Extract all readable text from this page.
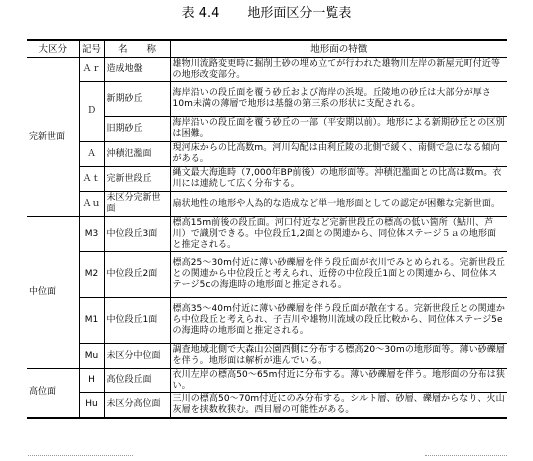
表 4.4 地形面区分一覧表
大区分	記号	名　　称	地形面の特徴
完新世面	Ａｒ	造成地盤	雄物川流路変更時に掘削土砂の埋め立てが行われた雄物川左岸の新屋元町付近等の地形改変部分。
	Ｄ	新期砂丘	海岸沿いの段丘面を覆う砂丘および海岸の浜堤。丘陵地の砂丘は大部分が厚さ10m未満の薄層で地形は基盤の第三系の形状に支配される。
		旧期砂丘	海岸沿いの段丘面を覆う砂丘の一部（平安期以前）。地形による新期砂丘との区別は困難。
	Ａ	沖積氾濫面	現河床からの比高数m。河川勾配は由利丘陵の北側で緩く、南側で急になる傾向がある。
	Ａｔ	完新世段丘	縄文最大海進時（7,000年BP前後）の地形面等。沖積氾濫面との比高は数m。衣川には連続して広く分布する。
	Ａｕ	未区分完新世面	扇状地性の地形や人為的な造成など単一地形面としての認定が困難な完新世面。
中位面	M3	中位段丘3面	標高15m前後の段丘面。河口付近など完新世段丘の標高の低い箇所（鮎川、芦川）で識別できる。中位段丘1,2面との関連から、同位体ステージ５ａの地形面と推定される。
	M2	中位段丘2面	標高25～30m付近に薄い砂礫層を伴う段丘面が衣川でみとめられる。完新世段丘との関連から中位段丘と考えられ、近傍の中位段丘1面との関連から、同位体ステージ5cの海進時の地形面と推定される。
	M1	中位段丘1面	標高35～40m付近に薄い砂礫層を伴う段丘面が散在する。完新世段丘との関連から中位段丘と考えられ、子吉川や雄物川流域の段丘比較から、同位体ステージ5eの海進時の地形面と推定される。
	Mu	未区分中位面	調査地域北側で大森山公園西側に分布する標高20～30mの地形面等。薄い砂礫層を伴う。地形面は解析が進んでいる。
高位面	H	高位段丘面	衣川左岸の標高50～65m付近に分布する。薄い砂礫層を伴う。地形面の分布は狭い。
	Hu	未区分高位面	三川の標高50～70m付近にのみ分布する。シルト層、砂層、礫層からなり、火山灰層を挟数枚狭む。西目層の可能性がある。
